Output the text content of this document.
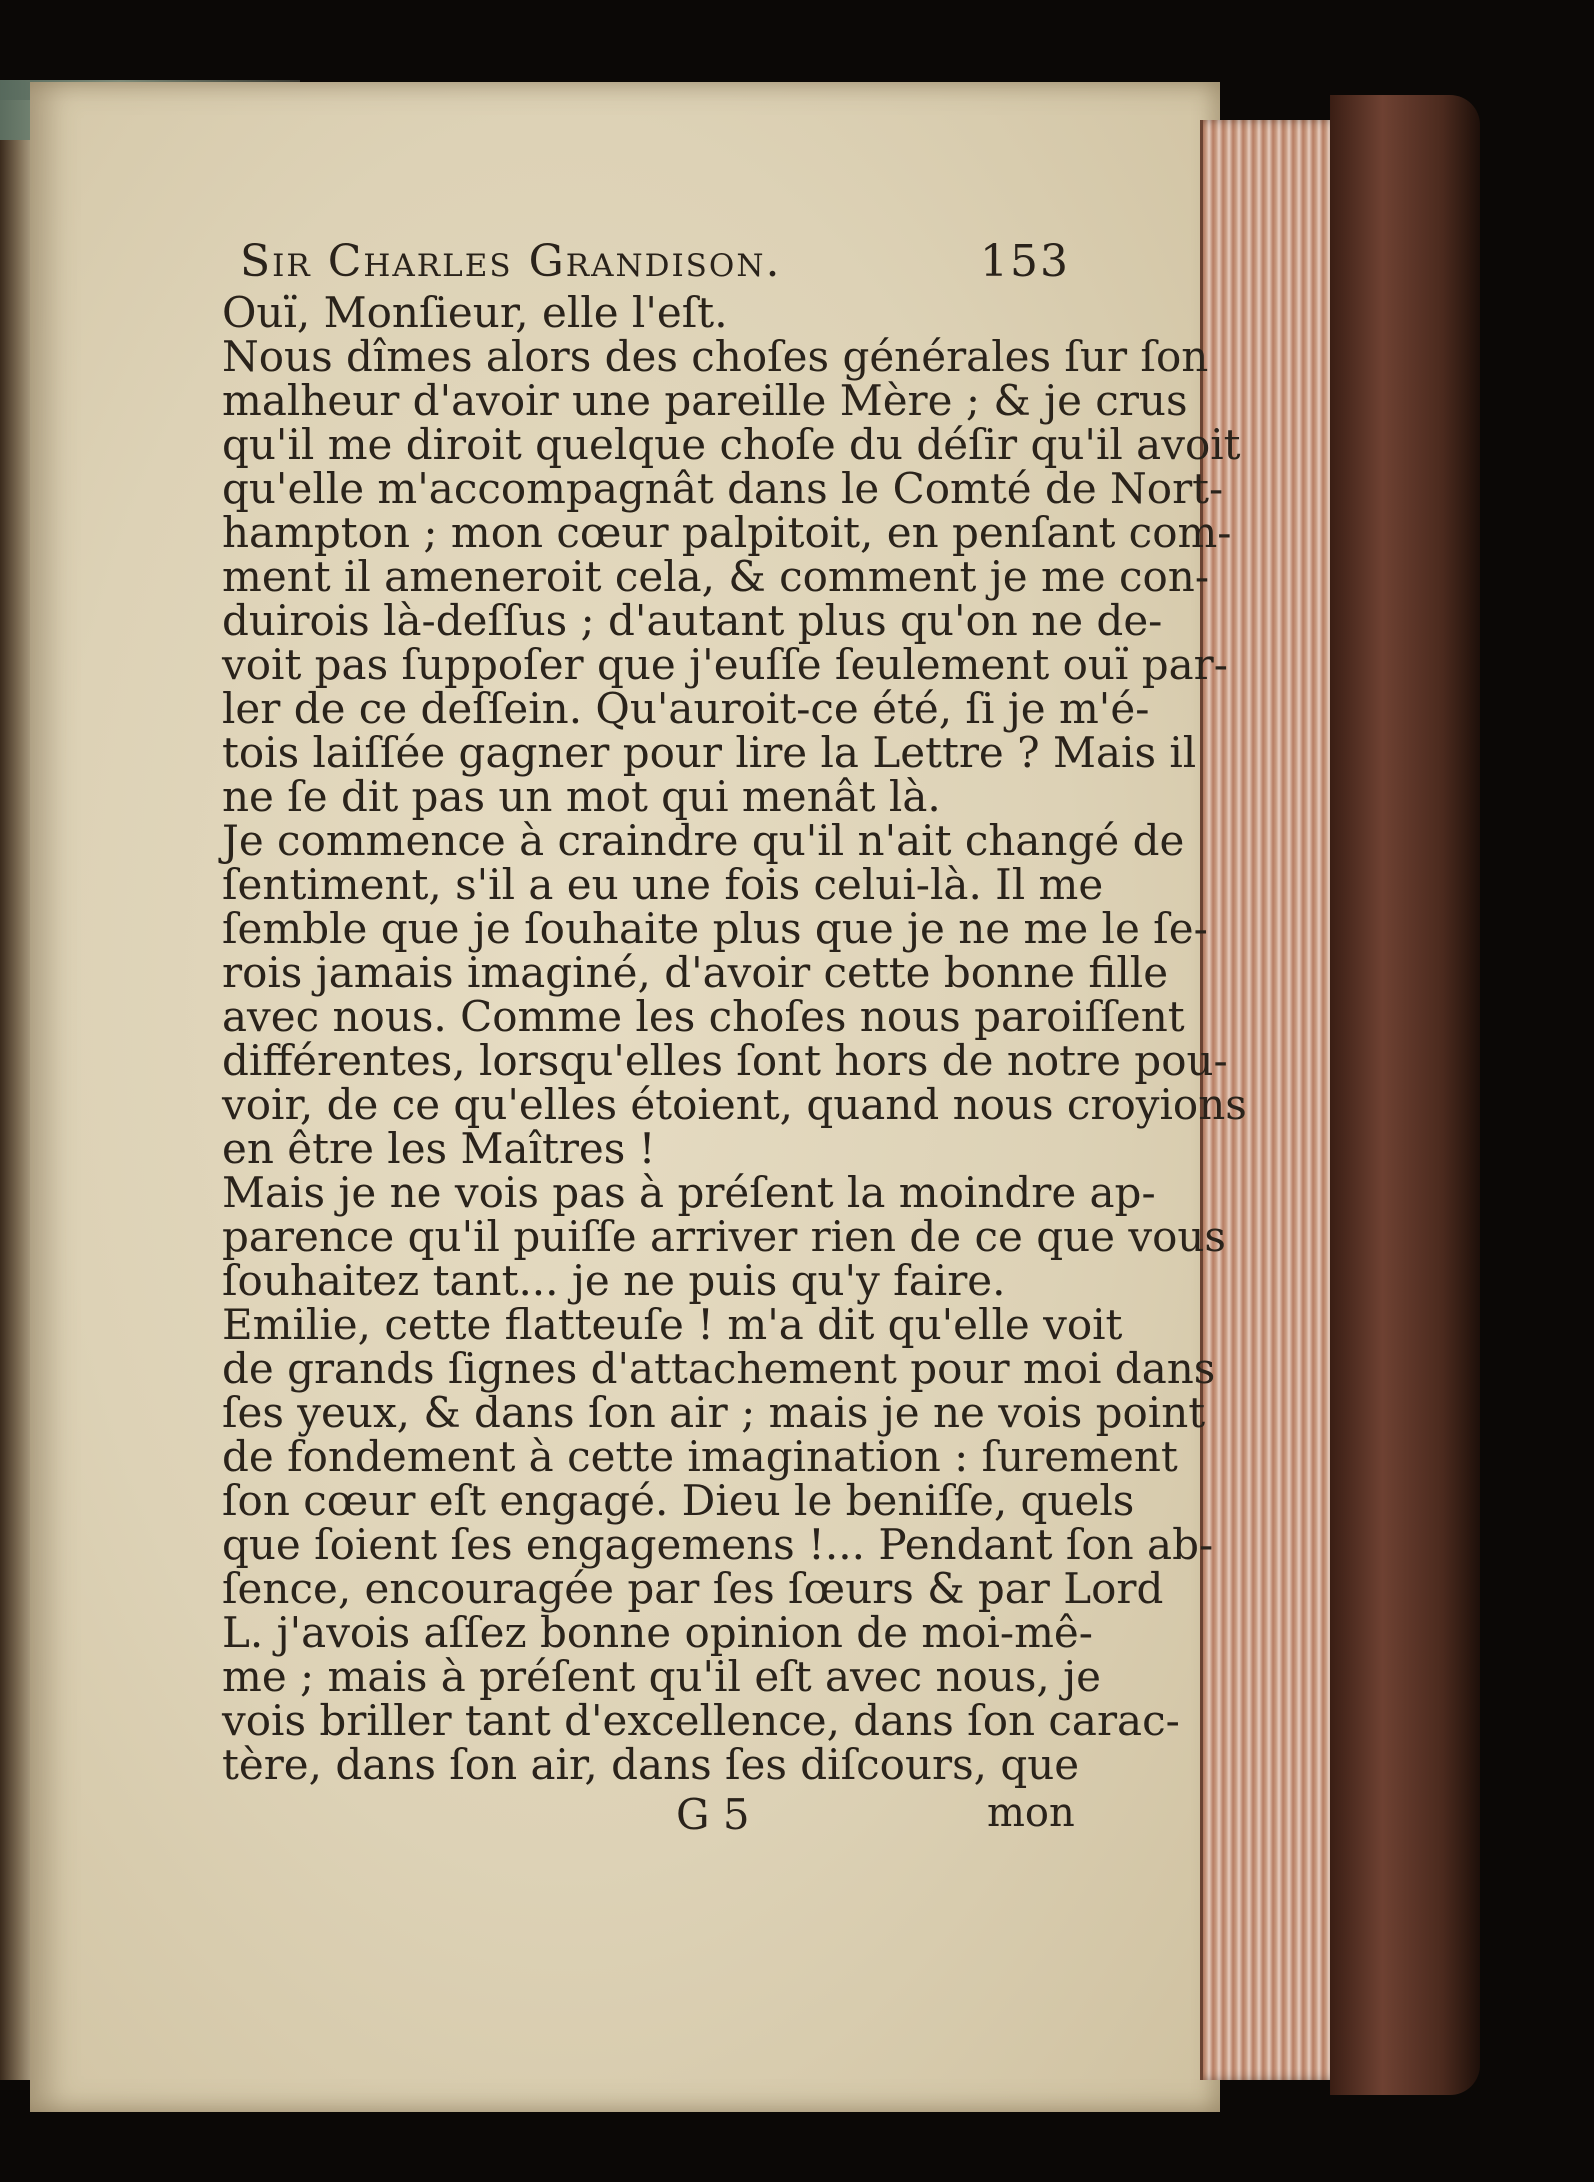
Sir Charles Grandison.	153
Ouï, Monſieur, elle l'eſt.
Nous dîmes alors des choſes générales ſur ſon
malheur d'avoir une pareille Mère ; & je crus
qu'il me diroit quelque choſe du déſir qu'il avoit
qu'elle m'accompagnât dans le Comté de Nort-
hampton ; mon cœur palpitoit, en penſant com-
ment il ameneroit cela, & comment je me con-
duirois là-deſſus ; d'autant plus qu'on ne de-
voit pas ſuppoſer que j'euſſe ſeulement ouï par-
ler de ce deſſein. Qu'auroit-ce été, ſi je m'é-
tois laiſſée gagner pour lire la Lettre ? Mais il
ne ſe dit pas un mot qui menât là.
Je commence à craindre qu'il n'ait changé de
ſentiment, s'il a eu une fois celui-là. Il me
ſemble que je ſouhaite plus que je ne me le ſe-
rois jamais imaginé, d'avoir cette bonne fille
avec nous. Comme les choſes nous paroiſſent
différentes, lorsqu'elles ſont hors de notre pou-
voir, de ce qu'elles étoient, quand nous croyions
en être les Maîtres !
Mais je ne vois pas à préſent la moindre ap-
parence qu'il puiſſe arriver rien de ce que vous
ſouhaitez tant... je ne puis qu'y faire.
Emilie, cette flatteuſe ! m'a dit qu'elle voit
de grands ſignes d'attachement pour moi dans
ſes yeux, & dans ſon air ; mais je ne vois point
de fondement à cette imagination : ſurement
ſon cœur eſt engagé. Dieu le beniſſe, quels
que ſoient ſes engagemens !... Pendant ſon ab-
ſence, encouragée par ſes ſœurs & par Lord
L. j'avois aſſez bonne opinion de moi-mê-
me ; mais à préſent qu'il eſt avec nous, je
vois briller tant d'excellence, dans ſon carac-
tère, dans ſon air, dans ſes diſcours, que
G 5	mon
